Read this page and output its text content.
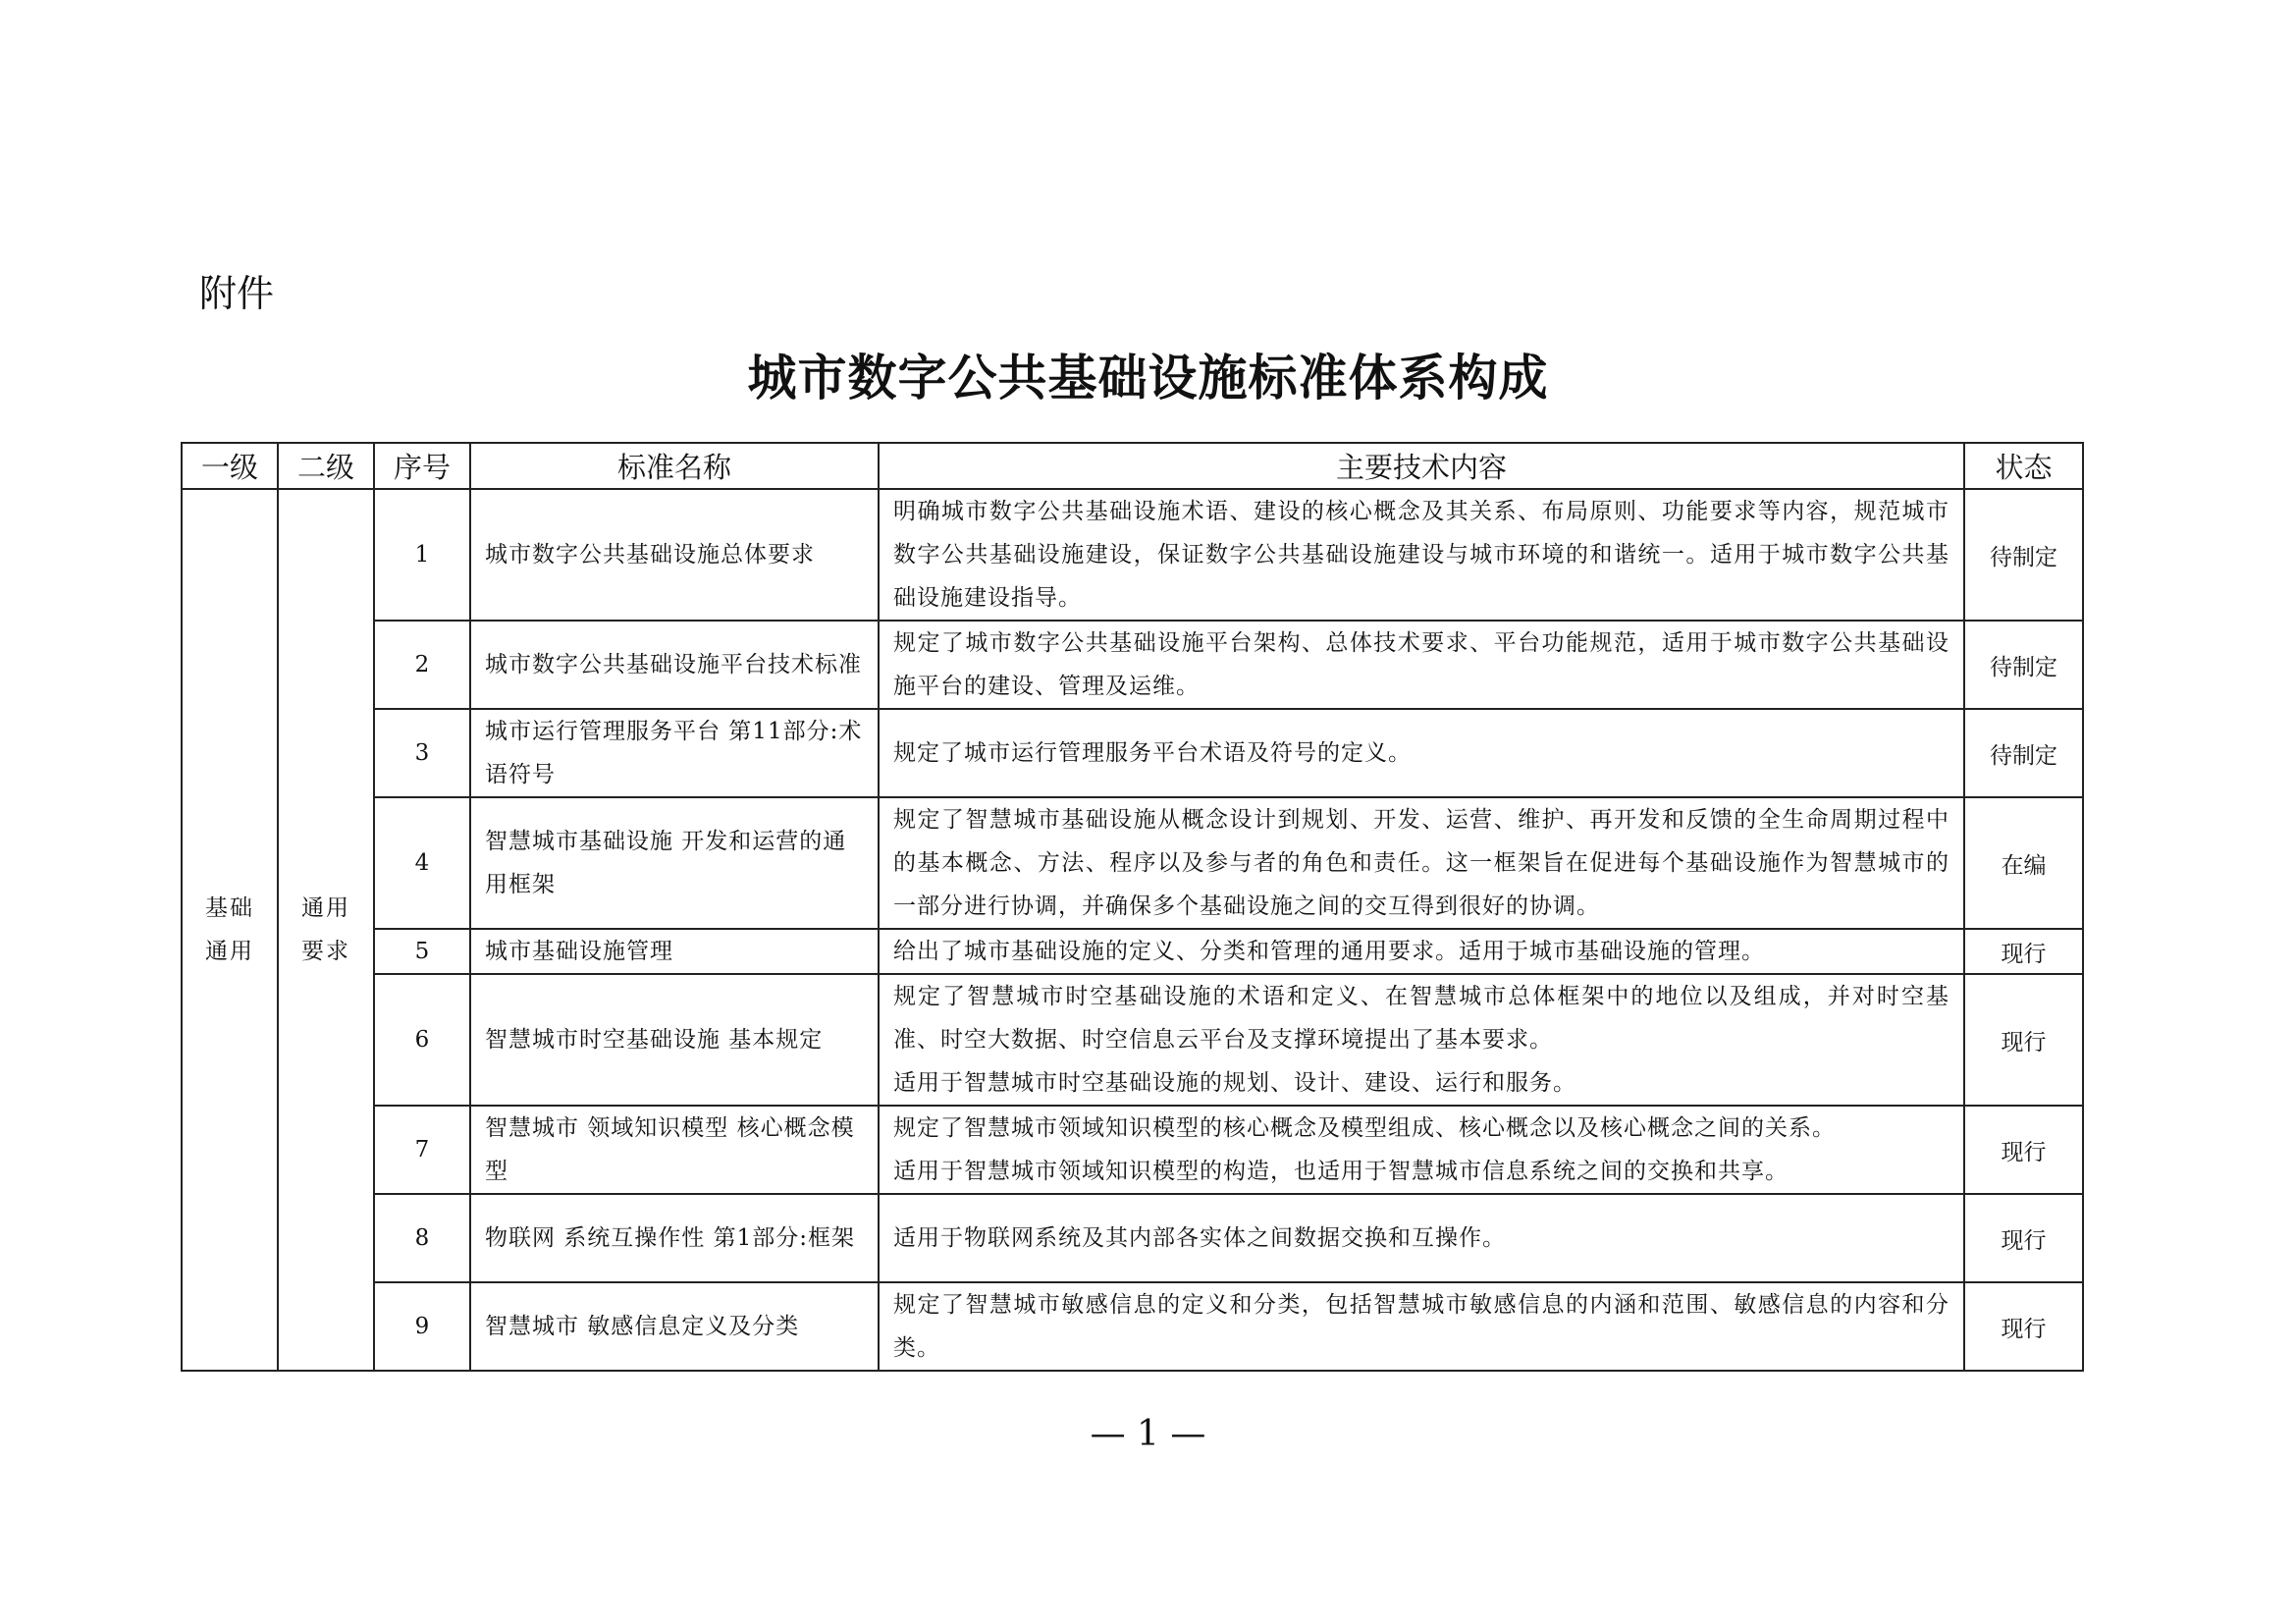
附件
城市数字公共基础设施标准体系构成
一级	二级	序号	标准名称	主要技术内容	状态

基础通用	通用要求	1	城市数字公共基础设施总体要求	明确城市数字公共基础设施术语、建设的核心概念及其关系、布局原则、功能要求等内容，规范城市数字公共基础设施建设，保证数字公共基础设施建设与城市环境的和谐统一。适用于城市数字公共基础设施建设指导。	待制定
		2	城市数字公共基础设施平台技术标准	规定了城市数字公共基础设施平台架构、总体技术要求、平台功能规范，适用于城市数字公共基础设施平台的建设、管理及运维。	待制定
		3	城市运行管理服务平台 第11部分:术语符号	规定了城市运行管理服务平台术语及符号的定义。	待制定
		4	智慧城市基础设施 开发和运营的通用框架	规定了智慧城市基础设施从概念设计到规划、开发、运营、维护、再开发和反馈的全生命周期过程中的基本概念、方法、程序以及参与者的角色和责任。这一框架旨在促进每个基础设施作为智慧城市的一部分进行协调，并确保多个基础设施之间的交互得到很好的协调。	在编
		5	城市基础设施管理	给出了城市基础设施的定义、分类和管理的通用要求。适用于城市基础设施的管理。	现行
		6	智慧城市时空基础设施 基本规定	规定了智慧城市时空基础设施的术语和定义、在智慧城市总体框架中的地位以及组成，并对时空基准、时空大数据、时空信息云平台及支撑环境提出了基本要求。
适用于智慧城市时空基础设施的规划、设计、建设、运行和服务。	现行
		7	智慧城市 领域知识模型 核心概念模型	规定了智慧城市领域知识模型的核心概念及模型组成、核心概念以及核心概念之间的关系。
适用于智慧城市领域知识模型的构造，也适用于智慧城市信息系统之间的交换和共享。	现行
		8	物联网 系统互操作性 第1部分:框架	适用于物联网系统及其内部各实体之间数据交换和互操作。	现行
		9	智慧城市 敏感信息定义及分类	规定了智慧城市敏感信息的定义和分类，包括智慧城市敏感信息的内涵和范围、敏感信息的内容和分类。	现行
— 1 —
